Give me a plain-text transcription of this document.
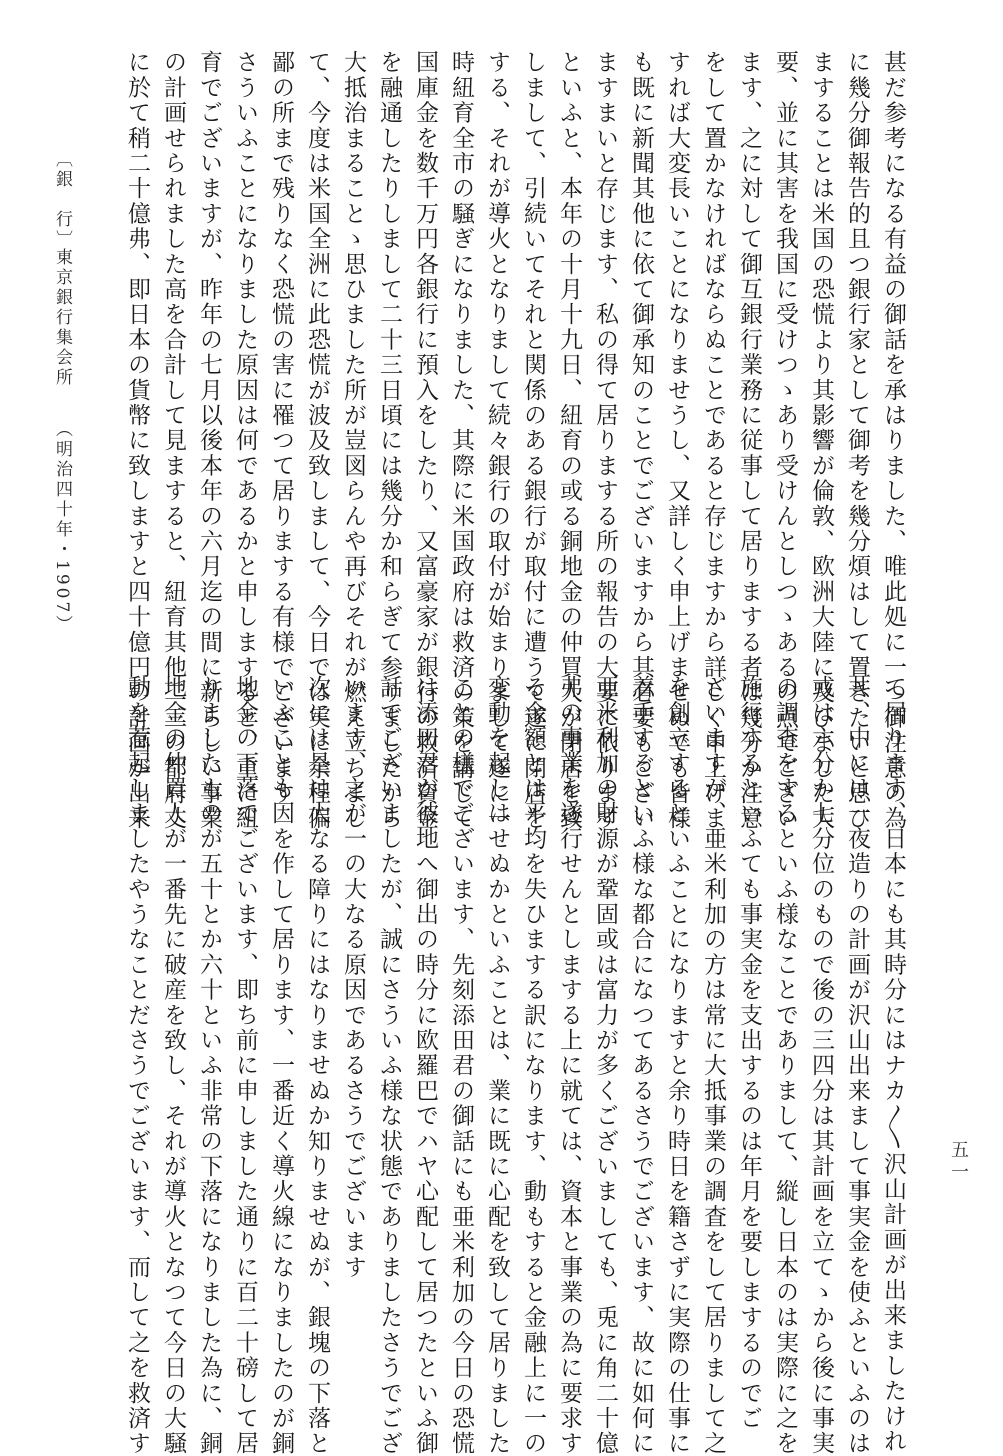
〔銀　行〕
東京銀行集会所
（明治四十年・1907）	甚だ参考になる有益の御話を承はりました、唯此処に一つ御注意の為
に幾分御報告的且つ銀行家として御考を幾分煩はして置きたいと思ひ
ますることは米国の恐慌より其影響が倫敦、欧洲大陸に及びました大
要、並に其害を我国に受けつゝあり受けんとしつゝあるの点でござい
ます、之に対して御互銀行業務に従事して居りまする者は幾分か注意
をして置かなければならぬことであると存じますから詳しく申上げま
すれば大変長いことになりませうし、又詳しく申上げませぬでも皆様
も既に新聞其他に依て御承知のことでございますから其必要もござい
ますまいと存じます、私の得て居りまする所の報告の大要に依ります
といふと、本年の十月十九日、紐育の或る銅地金の仲買人が閉店を致
しまして、引続いてそれと関係のある銀行が取付に遭うて遂に閉店を
する、それが導火となりまして続々銀行の取付が始まりまして遂に一
時紐育全市の騒ぎになりました、其際に米国政府は救済の策を講じて
国庫金を数千万円各銀行に預入をしたり、又富豪家が銀行の救済資金
を融通したりしまして二十三日頃には幾分か和らぎて参りましたから
大抵治まることゝ思ひました所が豈図らんや再びそれが燃え立ちまし
て、今度は米国全洲に此恐慌が波及致しまして、今日では実に余程偏
鄙の所まで残りなく恐慌の害に罹つて居りまする有様でございます
さういふことになりました原因は何であるかと申しますると、重に紐
育でございますが、昨年の七月以後本年の六月迄の間に新らしい事業
の計画せられました高を合計して見ますると、紐育其他二三の都府丈
に於て稍二十億弗、即日本の貨幣に致しますと四十億円の計画が出来
て居ります、日本にも其時分にはナカ〳〵沢山計画が出来ましたけれ
共、中には一夜造りの計画が沢山出来まして事実金を使ふといふのは
或は六分か七分位のもので後の三四分は其計画を立てゝから後に事実
の調査をするといふ様なことでありまして、縦し日本のは実際に之を
施行するといふても事実金を支出するのは年月を要しまするのでご
ざいますが、亜米利加の方は常に大抵事業の調査をして居りまして之
を創立するといふことになりますと余り時日を籍さずに実際の仕事に
着手するといふ様な都合になつてあるさうでございます、故に如何に
亜米利加の財源が鞏固或は富力が多くございましても、兎に角二十億
弗の事業を遂行せんとしまする上に就ては、資本と事業の為に要求す
る金額とは平均を失ひまする訳になります、動もすると金融上に一の
変動を起しはせぬかといふことは、業に既に心配を致して居りました
ことの様でございます、先刻添田君の御話にも亜米利加の今日の恐慌
は添田君が彼地へ御出の時分に欧羅巴でハヤ心配して居つたといふ御
話でございましたが、誠にさういふ様な状態でありましたさうでござ
います、之が一の大なる原因であるさうでございます
次には是は大なる障りにはなりませぬか知りませぬが、銀塊の下落と
いふことも因を作して居ります、一番近く導火線になりましたのが銅
地金の下落でございます、即ち前に申しました通りに百二十磅して居
りましたものが五十とか六十といふ非常の下落になりました為に、銅
地金の仲買人が一番先に破産を致し、それが導火となつて今日の大騒
動を惹起しましたやうなことださうでございます、而して之を救済す	五一
